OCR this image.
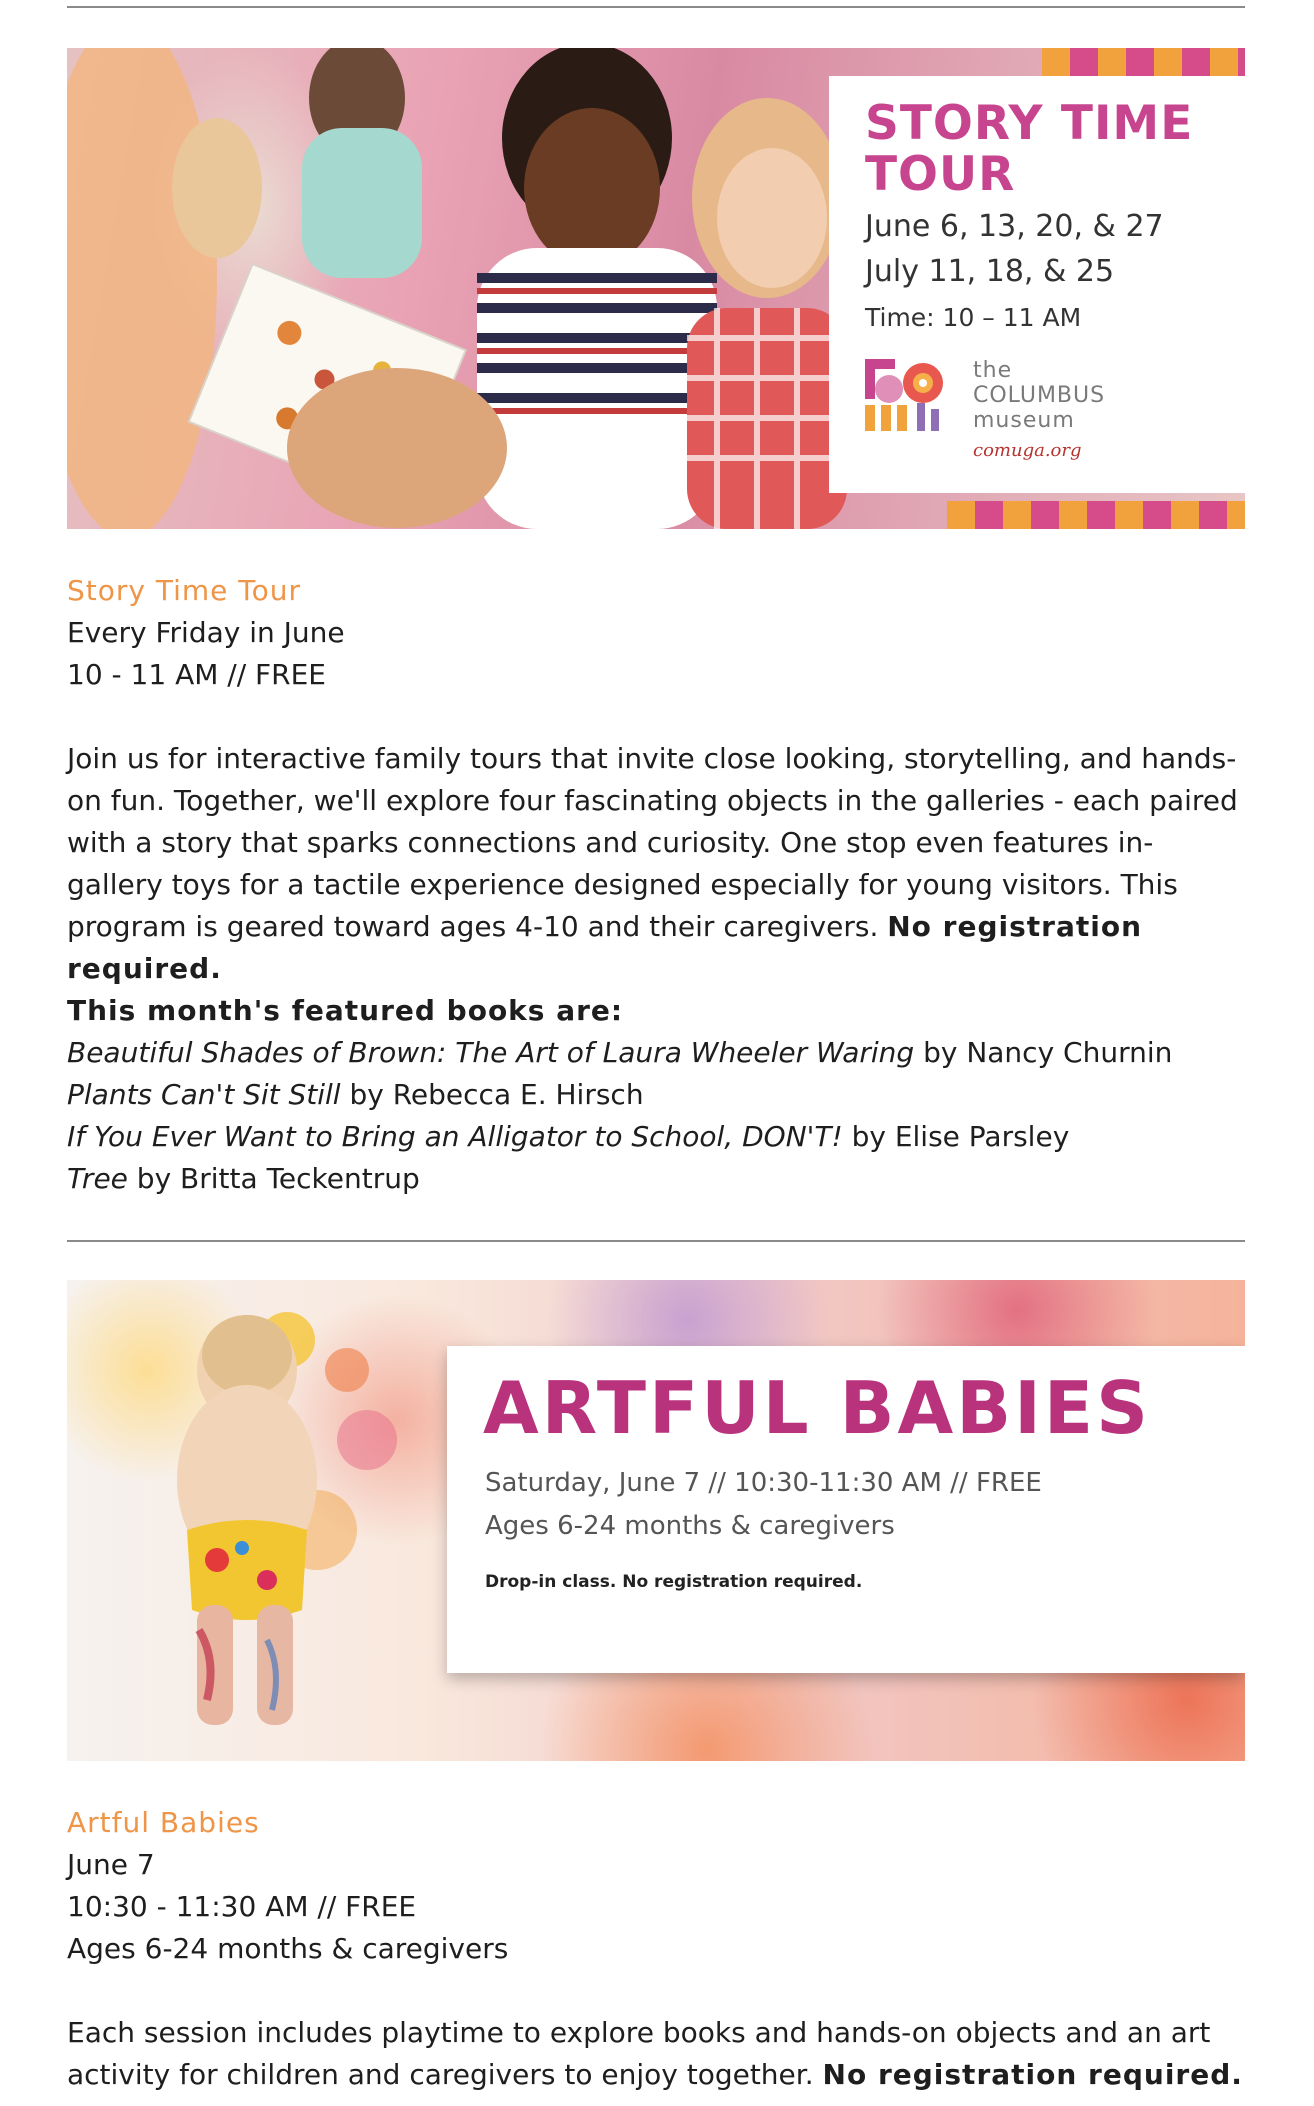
STORY TIME TOUR
June 6, 13, 20, & 27
July 11, 18, & 25
Time: 10 – 11 AM
the
COLUMBUS
museum
comuga.org

Story Time Tour
Every Friday in June
10 - 11 AM // FREE

Join us for interactive family tours that invite close looking, storytelling, and hands-on fun. Together, we'll explore four fascinating objects in the galleries - each paired with a story that sparks connections and curiosity. One stop even features in-gallery toys for a tactile experience designed especially for young visitors. This program is geared toward ages 4-10 and their caregivers. No registration required.

This month's featured books are:
Beautiful Shades of Brown: The Art of Laura Wheeler Waring by Nancy Churnin
Plants Can't Sit Still by Rebecca E. Hirsch
If You Ever Want to Bring an Alligator to School, DON'T! by Elise Parsley
Tree by Britta Teckentrup
ARTFUL BABIES
Saturday, June 7 // 10:30-11:30 AM // FREE
Ages 6-24 months & caregivers
Drop-in class. No registration required.

Artful Babies
June 7
10:30 - 11:30 AM // FREE
Ages 6-24 months & caregivers

Each session includes playtime to explore books and hands-on objects and an art activity for children and caregivers to enjoy together. No registration required.
